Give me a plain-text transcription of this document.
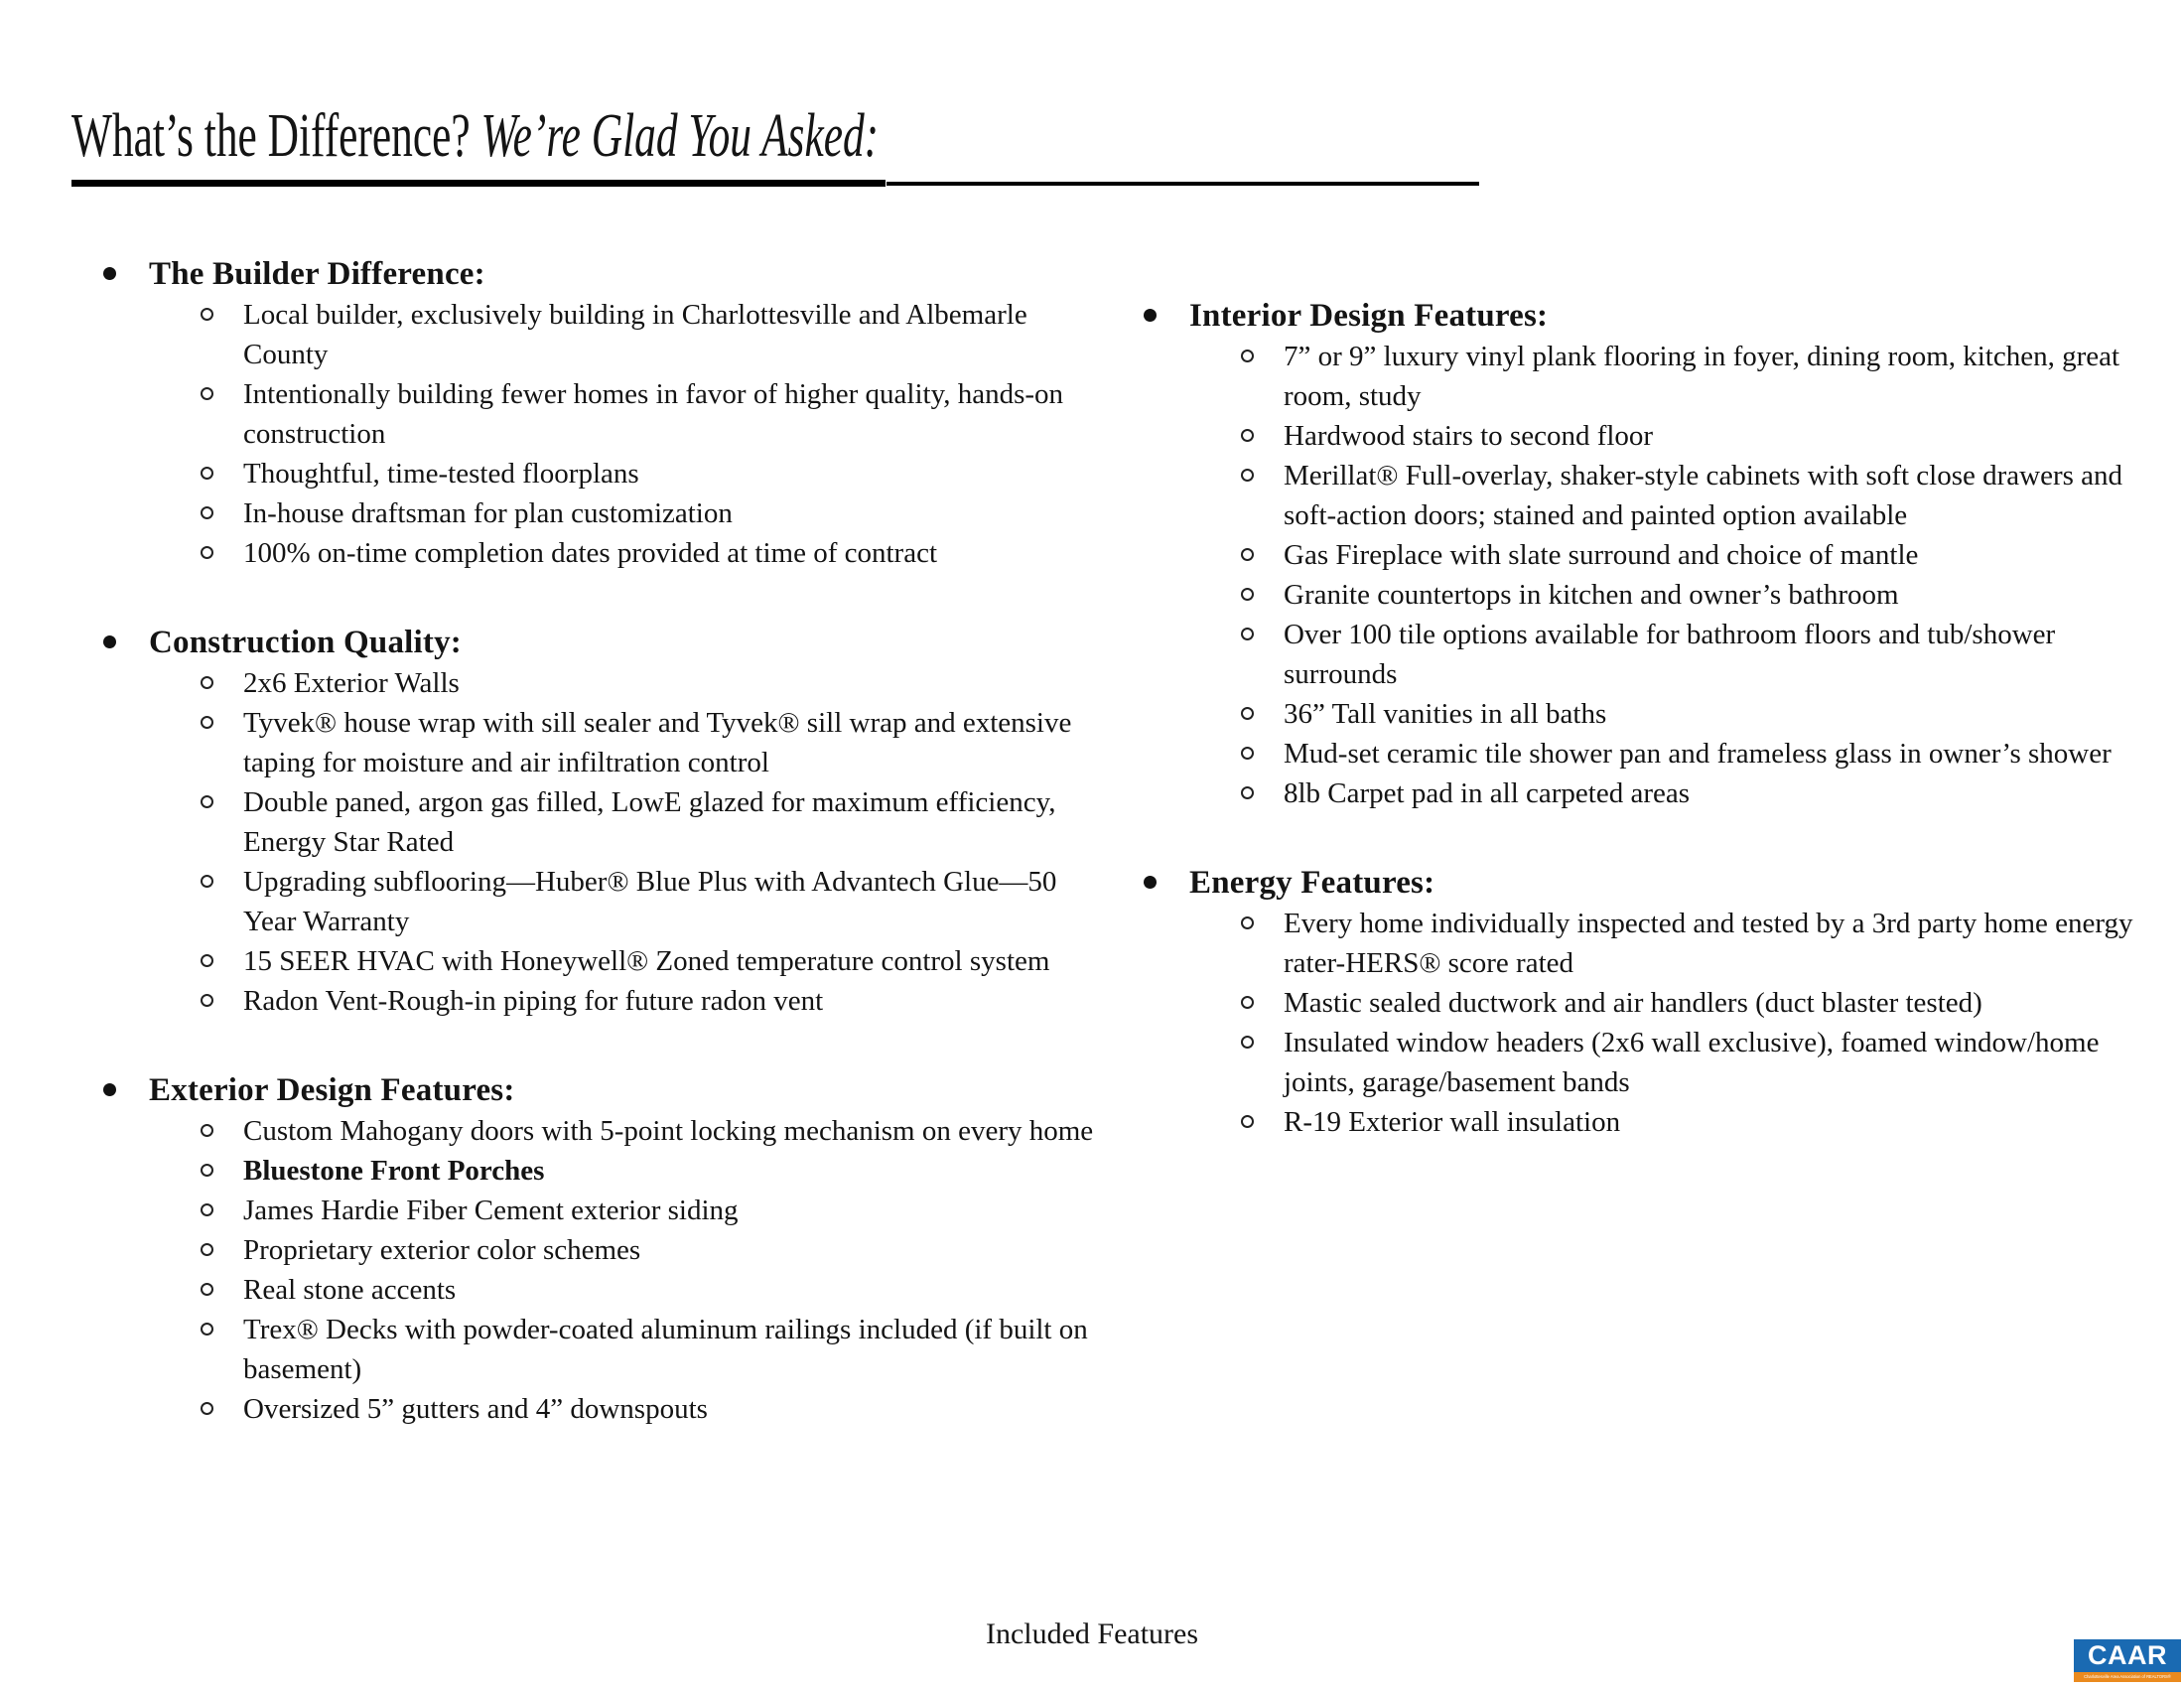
What’s the Difference? We’re Glad You Asked:
The Builder Difference:
Local builder, exclusively building in Charlottesville and Albemarle County
Intentionally building fewer homes in favor of higher quality, hands-on construction
Thoughtful, time-tested floorplans
In-house draftsman for plan customization
100% on-time completion dates provided at time of contract
Construction Quality:
2x6 Exterior Walls
Tyvek® house wrap with sill sealer and Tyvek® sill wrap and extensive taping for moisture and air infiltration control
Double paned, argon gas filled, LowE glazed for maximum efficiency, Energy Star Rated
Upgrading subflooring—Huber® Blue Plus with Advantech Glue—50 Year Warranty
15 SEER HVAC with Honeywell® Zoned temperature control system
Radon Vent-Rough-in piping for future radon vent
Exterior Design Features:
Custom Mahogany doors with 5-point locking mechanism on every home
Bluestone Front Porches
James Hardie Fiber Cement exterior siding
Proprietary exterior color schemes
Real stone accents
Trex® Decks with powder-coated aluminum railings included (if built on basement)
Oversized 5” gutters and 4” downspouts
Interior Design Features:
7” or 9” luxury vinyl plank flooring in foyer, dining room, kitchen, great room, study
Hardwood stairs to second floor
Merillat® Full-overlay, shaker-style cabinets with soft close drawers and soft-action doors; stained and painted option available
Gas Fireplace with slate surround and choice of mantle
Granite countertops in kitchen and owner’s bathroom
Over 100 tile options available for bathroom floors and tub/shower surrounds
36” Tall vanities in all baths
Mud-set ceramic tile shower pan and frameless glass in owner’s shower
8lb Carpet pad in all carpeted areas
Energy Features:
Every home individually inspected and tested by a 3rd party home energy rater-HERS® score rated
Mastic sealed ductwork and air handlers (duct blaster tested)
Insulated window headers (2x6 wall exclusive), foamed window/home joints, garage/basement bands
R-19 Exterior wall insulation
Included Features
CAAR
Charlottesville Area Association of REALTORS®
